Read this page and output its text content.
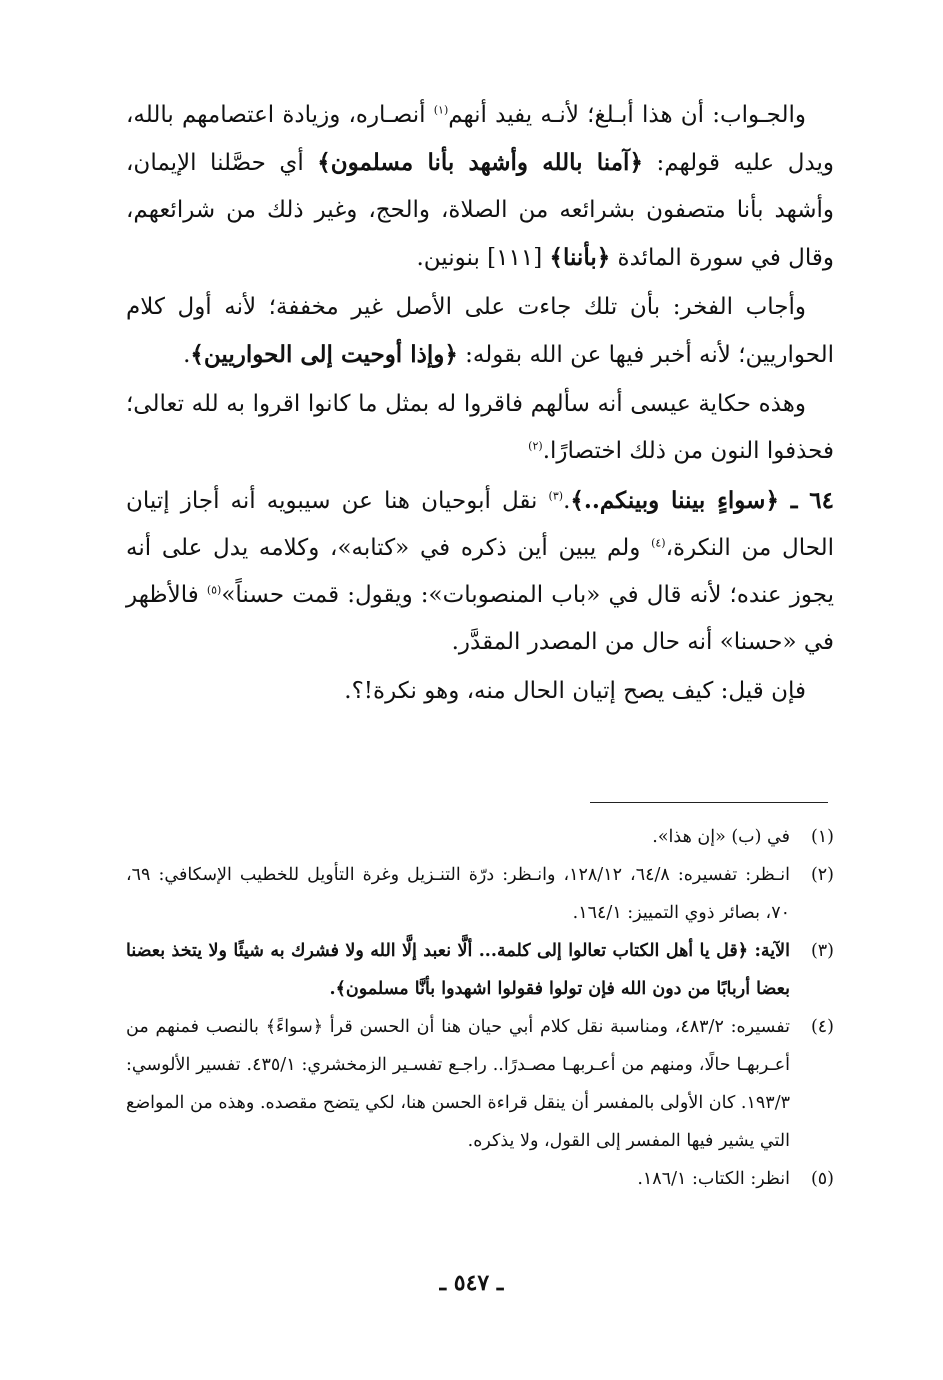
والجـواب: أن هذا أبـلغ؛ لأنـه يفيد أنهم$^{(١)}$ أنصـاره، وزيادة اعتصامهم بالله، ويدل عليه قولهم: ﴿آمنا بالله وأشهد بأنا مسلمون﴾ أي حصَّلنا الإيمان، وأشهد بأنا متصفون بشرائعه من الصلاة، والحج، وغير ذلك من شرائعهم، وقال في سورة المائدة ﴿بأننا﴾ [١١١] بنونين.

وأجاب الفخر: بأن تلك جاءت على الأصل غير مخففة؛ لأنه أول كلام الحواريين؛ لأنه أخبر فيها عن الله بقوله: ﴿وإذا أوحيت إلى الحواريين﴾.

وهذه حكاية عيسى أنه سألهم فاقروا له بمثل ما كانوا اقروا به لله تعالى؛ فحذفوا النون من ذلك اختصارًا.$^{(٢)}$

٦٤ ـ ﴿سواءٍ بيننا وبينكم..﴾.$^{(٣)}$ نقل أبوحيان هنا عن سيبويه أنه أجاز إتيان الحال من النكرة،$^{(٤)}$ ولم يبين أين ذكره في «كتابه»، وكلامه يدل على أنه يجوز عنده؛ لأنه قال في «باب المنصوبات»: ويقول: قمت حسناً»$^{(٥)}$ فالأظهر في «حسنا» أنه حال من المصدر المقدَّر.

فإن قيل: كيف يصح إتيان الحال منه، وهو نكرة!؟.

(١)
في (ب) «إن هذا».
(٢)
انـظر: تفسيره: ٦٤/٨، ١٢٨/١٢، وانـظر: درّة التنـزيل وغرة التأويل للخطيب الإسكافي: ٦٩، ٧٠، بصائر ذوي التمييز: ١٦٤/١.
(٣)
الآية: ﴿قل يا أهل الكتاب تعالوا إلى كلمة... ألَّا نعبد إلَّا الله ولا فشرك به شيئًا ولا يتخذ بعضنا بعضا أربابًا من دون الله فإن تولوا فقولوا اشهدوا بأنَّا مسلمون﴾.
(٤)
تفسيره: ٤٨٣/٢، ومناسبة نقل كلام أبي حيان هنا أن الحسن قرأ ﴿سواءً﴾ بالنصب فمنهم من أعـربهـا حالًا، ومنهم من أعـربهـا مصـدرًا.. راجـع تفسـير الزمخشري: ٤٣٥/١. تفسير الألوسي: ١٩٣/٣. كان الأولى بالمفسر أن ينقل قراءة الحسن هنا، لكي يتضح مقصده. وهذه من المواضع التي يشير فيها المفسر إلى القول، ولا يذكره.
(٥)
انظر: الكتاب: ١٨٦/١.
ـ ٥٤٧ ـ
